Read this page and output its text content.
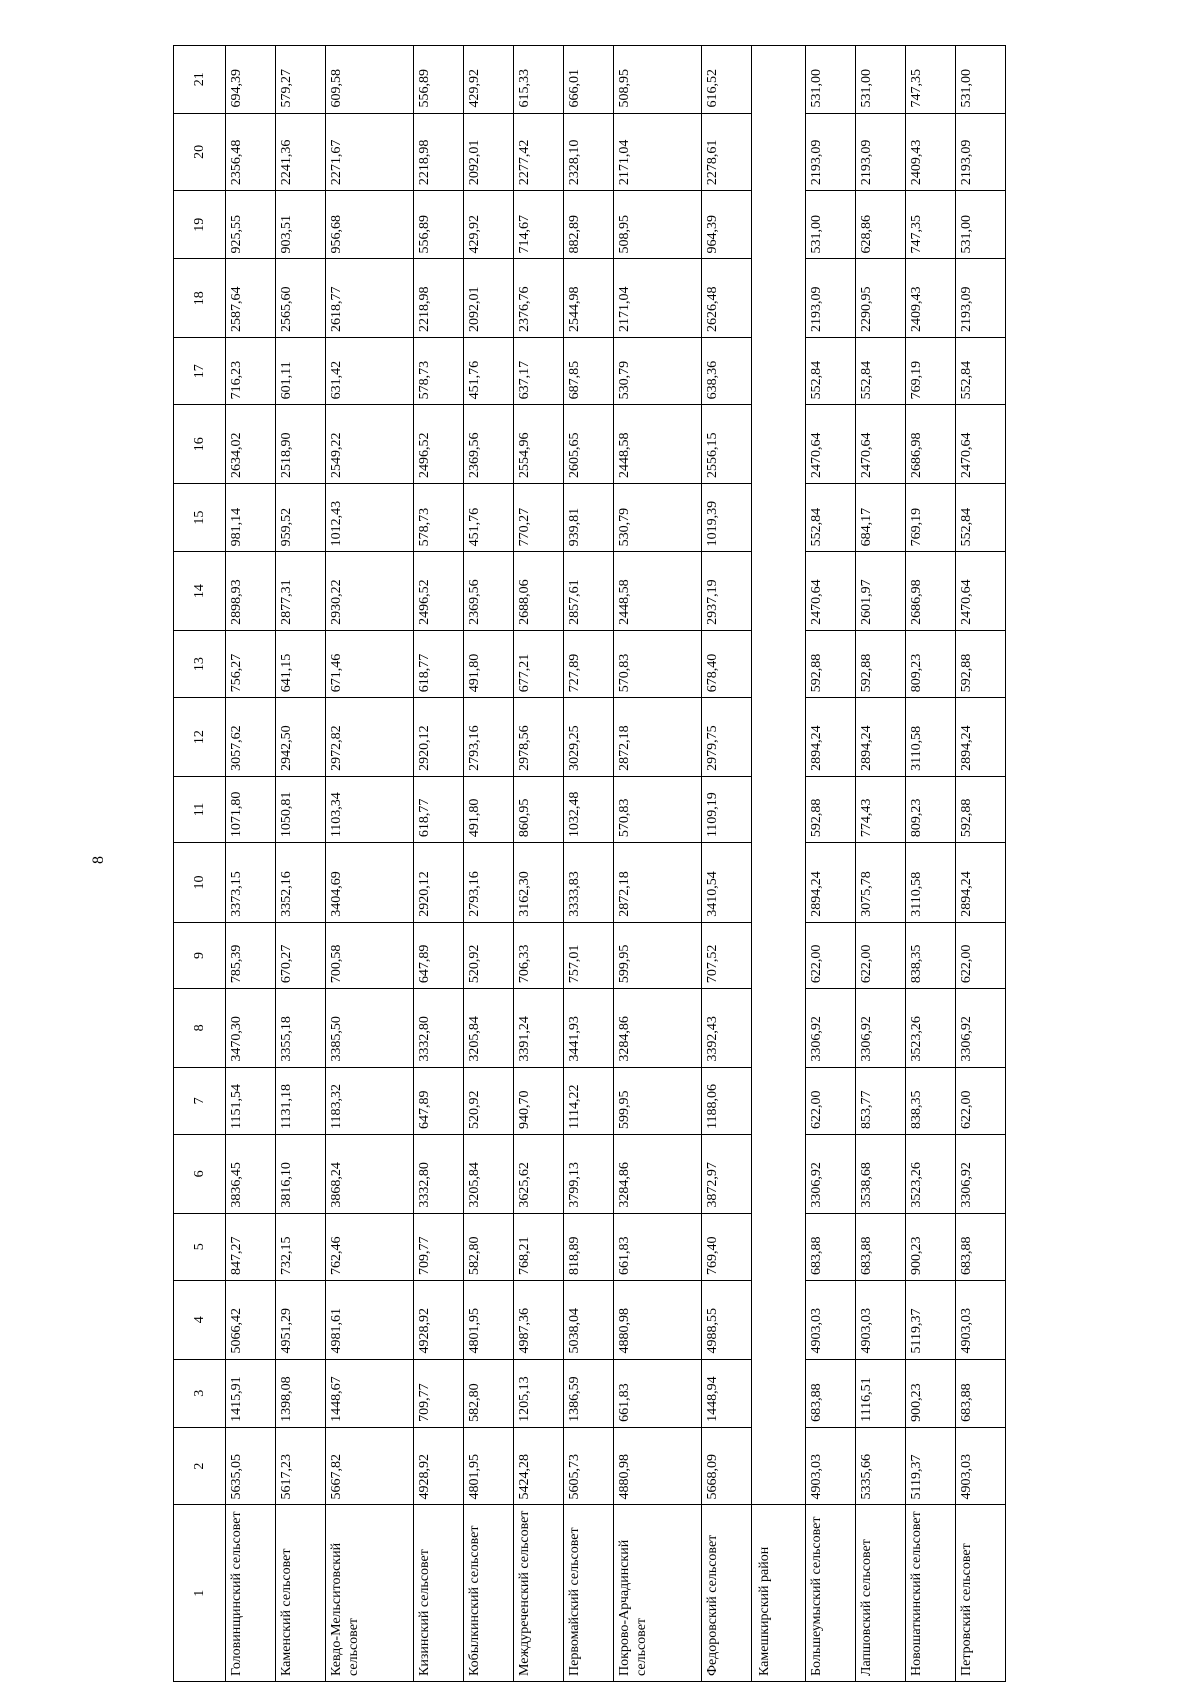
8
1	2	3	4	5	6	7	8	9	10	11	12	13	14	15	16	17	18	19	20	21
Головинщинский сельсовет	5635,05	1415,91	5066,42	847,27	3836,45	1151,54	3470,30	785,39	3373,15	1071,80	3057,62	756,27	2898,93	981,14	2634,02	716,23	2587,64	925,55	2356,48	694,39
Каменский сельсовет	5617,23	1398,08	4951,29	732,15	3816,10	1131,18	3355,18	670,27	3352,16	1050,81	2942,50	641,15	2877,31	959,52	2518,90	601,11	2565,60	903,51	2241,36	579,27
Кевдо-Мельситовский сельсовет	5667,82	1448,67	4981,61	762,46	3868,24	1183,32	3385,50	700,58	3404,69	1103,34	2972,82	671,46	2930,22	1012,43	2549,22	631,42	2618,77	956,68	2271,67	609,58
Кизинский сельсовет	4928,92	709,77	4928,92	709,77	3332,80	647,89	3332,80	647,89	2920,12	618,77	2920,12	618,77	2496,52	578,73	2496,52	578,73	2218,98	556,89	2218,98	556,89
Кобылкинский сельсовет	4801,95	582,80	4801,95	582,80	3205,84	520,92	3205,84	520,92	2793,16	491,80	2793,16	491,80	2369,56	451,76	2369,56	451,76	2092,01	429,92	2092,01	429,92
Междуреченский сельсовет	5424,28	1205,13	4987,36	768,21	3625,62	940,70	3391,24	706,33	3162,30	860,95	2978,56	677,21	2688,06	770,27	2554,96	637,17	2376,76	714,67	2277,42	615,33
Первомайский сельсовет	5605,73	1386,59	5038,04	818,89	3799,13	1114,22	3441,93	757,01	3333,83	1032,48	3029,25	727,89	2857,61	939,81	2605,65	687,85	2544,98	882,89	2328,10	666,01
Покрово-Арчадинский сельсовет	4880,98	661,83	4880,98	661,83	3284,86	599,95	3284,86	599,95	2872,18	570,83	2872,18	570,83	2448,58	530,79	2448,58	530,79	2171,04	508,95	2171,04	508,95
Федоровский сельсовет	5668,09	1448,94	4988,55	769,40	3872,97	1188,06	3392,43	707,52	3410,54	1109,19	2979,75	678,40	2937,19	1019,39	2556,15	638,36	2626,48	964,39	2278,61	616,52
Камешкирский район																				
Большеумыский сельсовет	4903,03	683,88	4903,03	683,88	3306,92	622,00	3306,92	622,00	2894,24	592,88	2894,24	592,88	2470,64	552,84	2470,64	552,84	2193,09	531,00	2193,09	531,00
Лапшовский сельсовет	5335,66	1116,51	4903,03	683,88	3538,68	853,77	3306,92	622,00	3075,78	774,43	2894,24	592,88	2601,97	684,17	2470,64	552,84	2290,95	628,86	2193,09	531,00
Новошаткинский сельсовет	5119,37	900,23	5119,37	900,23	3523,26	838,35	3523,26	838,35	3110,58	809,23	3110,58	809,23	2686,98	769,19	2686,98	769,19	2409,43	747,35	2409,43	747,35
Петровский сельсовет	4903,03	683,88	4903,03	683,88	3306,92	622,00	3306,92	622,00	2894,24	592,88	2894,24	592,88	2470,64	552,84	2470,64	552,84	2193,09	531,00	2193,09	531,00
